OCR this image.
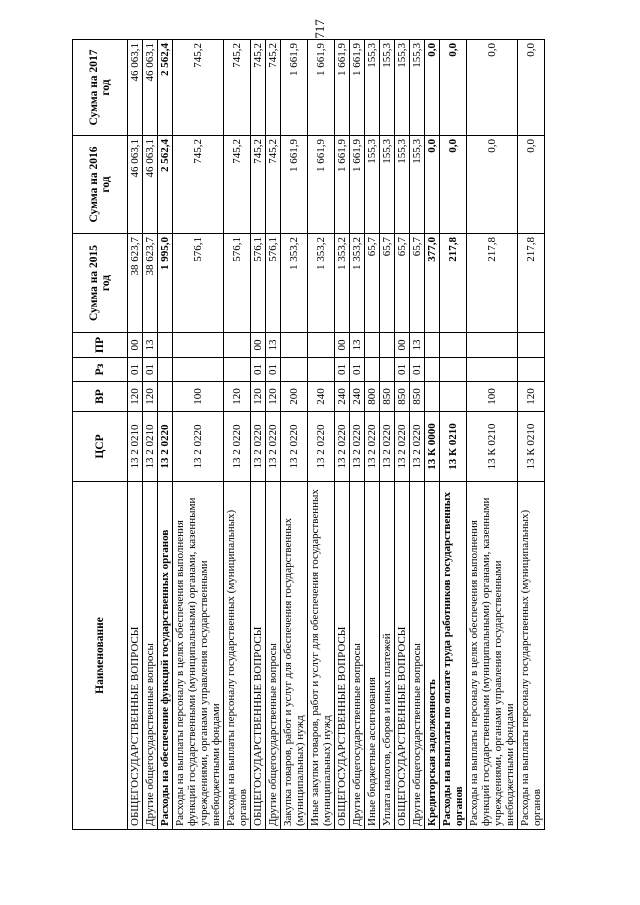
717
Наименование	ЦСР	ВР	Рз	ПР	Сумма на 2015 год	Сумма на 2016 год	Сумма на 2017 год
ОБЩЕГОСУДАРСТВЕННЫЕ ВОПРОСЫ	13 2 0210	120	01	00	38 623,7	46 063,1	46 063,1
Другие общегосударственные вопросы	13 2 0210	120	01	13	38 623,7	46 063,1	46 063,1
Расходы на обеспечение функций государственных органов	13 2 0220				1 995,0	2 562,4	2 562,4
Расходы на выплаты персоналу в целях обеспечения выполнения функций государственными (муниципальными) органами, казенными учреждениями, органами управления государственными внебюджетными фондами	13 2 0220	100			576,1	745,2	745,2
Расходы на выплаты персоналу государственных (муниципальных) органов	13 2 0220	120			576,1	745,2	745,2
ОБЩЕГОСУДАРСТВЕННЫЕ ВОПРОСЫ	13 2 0220	120	01	00	576,1	745,2	745,2
Другие общегосударственные вопросы	13 2 0220	120	01	13	576,1	745,2	745,2
Закупка товаров, работ и услуг для обеспечения государственных (муниципальных) нужд	13 2 0220	200			1 353,2	1 661,9	1 661,9
Иные закупки товаров, работ и услуг для обеспечения государственных (муниципальных) нужд	13 2 0220	240			1 353,2	1 661,9	1 661,9
ОБЩЕГОСУДАРСТВЕННЫЕ ВОПРОСЫ	13 2 0220	240	01	00	1 353,2	1 661,9	1 661,9
Другие общегосударственные вопросы	13 2 0220	240	01	13	1 353,2	1 661,9	1 661,9
Иные бюджетные ассигнования	13 2 0220	800			65,7	155,3	155,3
Уплата налогов, сборов и иных платежей	13 2 0220	850			65,7	155,3	155,3
ОБЩЕГОСУДАРСТВЕННЫЕ ВОПРОСЫ	13 2 0220	850	01	00	65,7	155,3	155,3
Другие общегосударственные вопросы	13 2 0220	850	01	13	65,7	155,3	155,3
Кредиторская задолженность	13 К 0000				377,0	0,0	0,0
Расходы на выплаты по оплате труда работников государственных органов	13 К 0210				217,8	0,0	0,0
Расходы на выплаты персоналу в целях обеспечения выполнения функций государственными (муниципальными) органами, казенными учреждениями, органами управления государственными внебюджетными фондами	13 К 0210	100			217,8	0,0	0,0
Расходы на выплаты персоналу государственных (муниципальных) органов	13 К 0210	120			217,8	0,0	0,0
